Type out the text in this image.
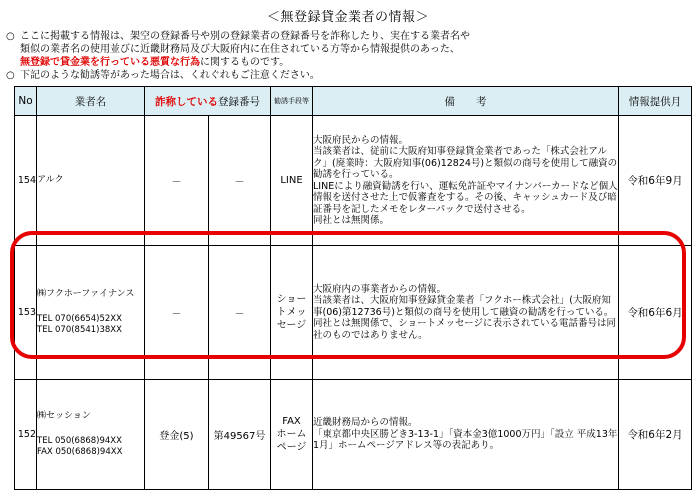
＜無登録貸金業者の情報＞
○ ここに掲載する情報は、架空の登録番号や別の登録業者の登録番号を詐称したり、実在する業者名や
類似の業者名の使用並びに近畿財務局及び大阪府内に在住されている方等から情報提供のあった、
無登録で貸金業を行っている悪質な行為に関するものです。
○ 下記のような勧誘等があった場合は、くれぐれもご注意ください。
No	業者名	詐称している登録番号		勧誘手段等	備　　考	情報提供月
154	アルク	－	－	LINE	大阪府民からの情報。
当該業者は、従前に大阪府知事登録貸金業者であった「株式会社アルク」(廃業時：大阪府知事(06)12824号)と類似の商号を使用して融資の勧誘を行っている。
LINEにより融資勧誘を行い、運転免許証やマイナンバーカードなど個人情報を送付させた上で仮審査をする。その後、キャッシュカード及び暗証番号を記したメモをレターパックで送付させる。
同社とは無関係。	令和6年9月
153	㈱フクホーファイナンス
TEL 070(6654)52XX
TEL 070(8541)38XX	－	－	ショートメッセージ	大阪府内の事業者からの情報。
当該業者は、大阪府知事登録貸金業者「フクホー株式会社」(大阪府知事(06)第12736号)と類似の商号を使用して融資の勧誘を行っている。
同社とは無関係で、ショートメッセージに表示されている電話番号は同社のものではありません。	令和6年6月
152	㈱セッション
TEL 050(6868)94XX
FAX 050(6868)94XX	登金(5)	第49567号	FAX
ホーム
ページ	近畿財務局からの情報。
「東京都中央区勝どき3-13-1」「資本金3億1000万円」「設立 平成13年1月」ホームページアドレス等の表記あり。	令和6年2月
